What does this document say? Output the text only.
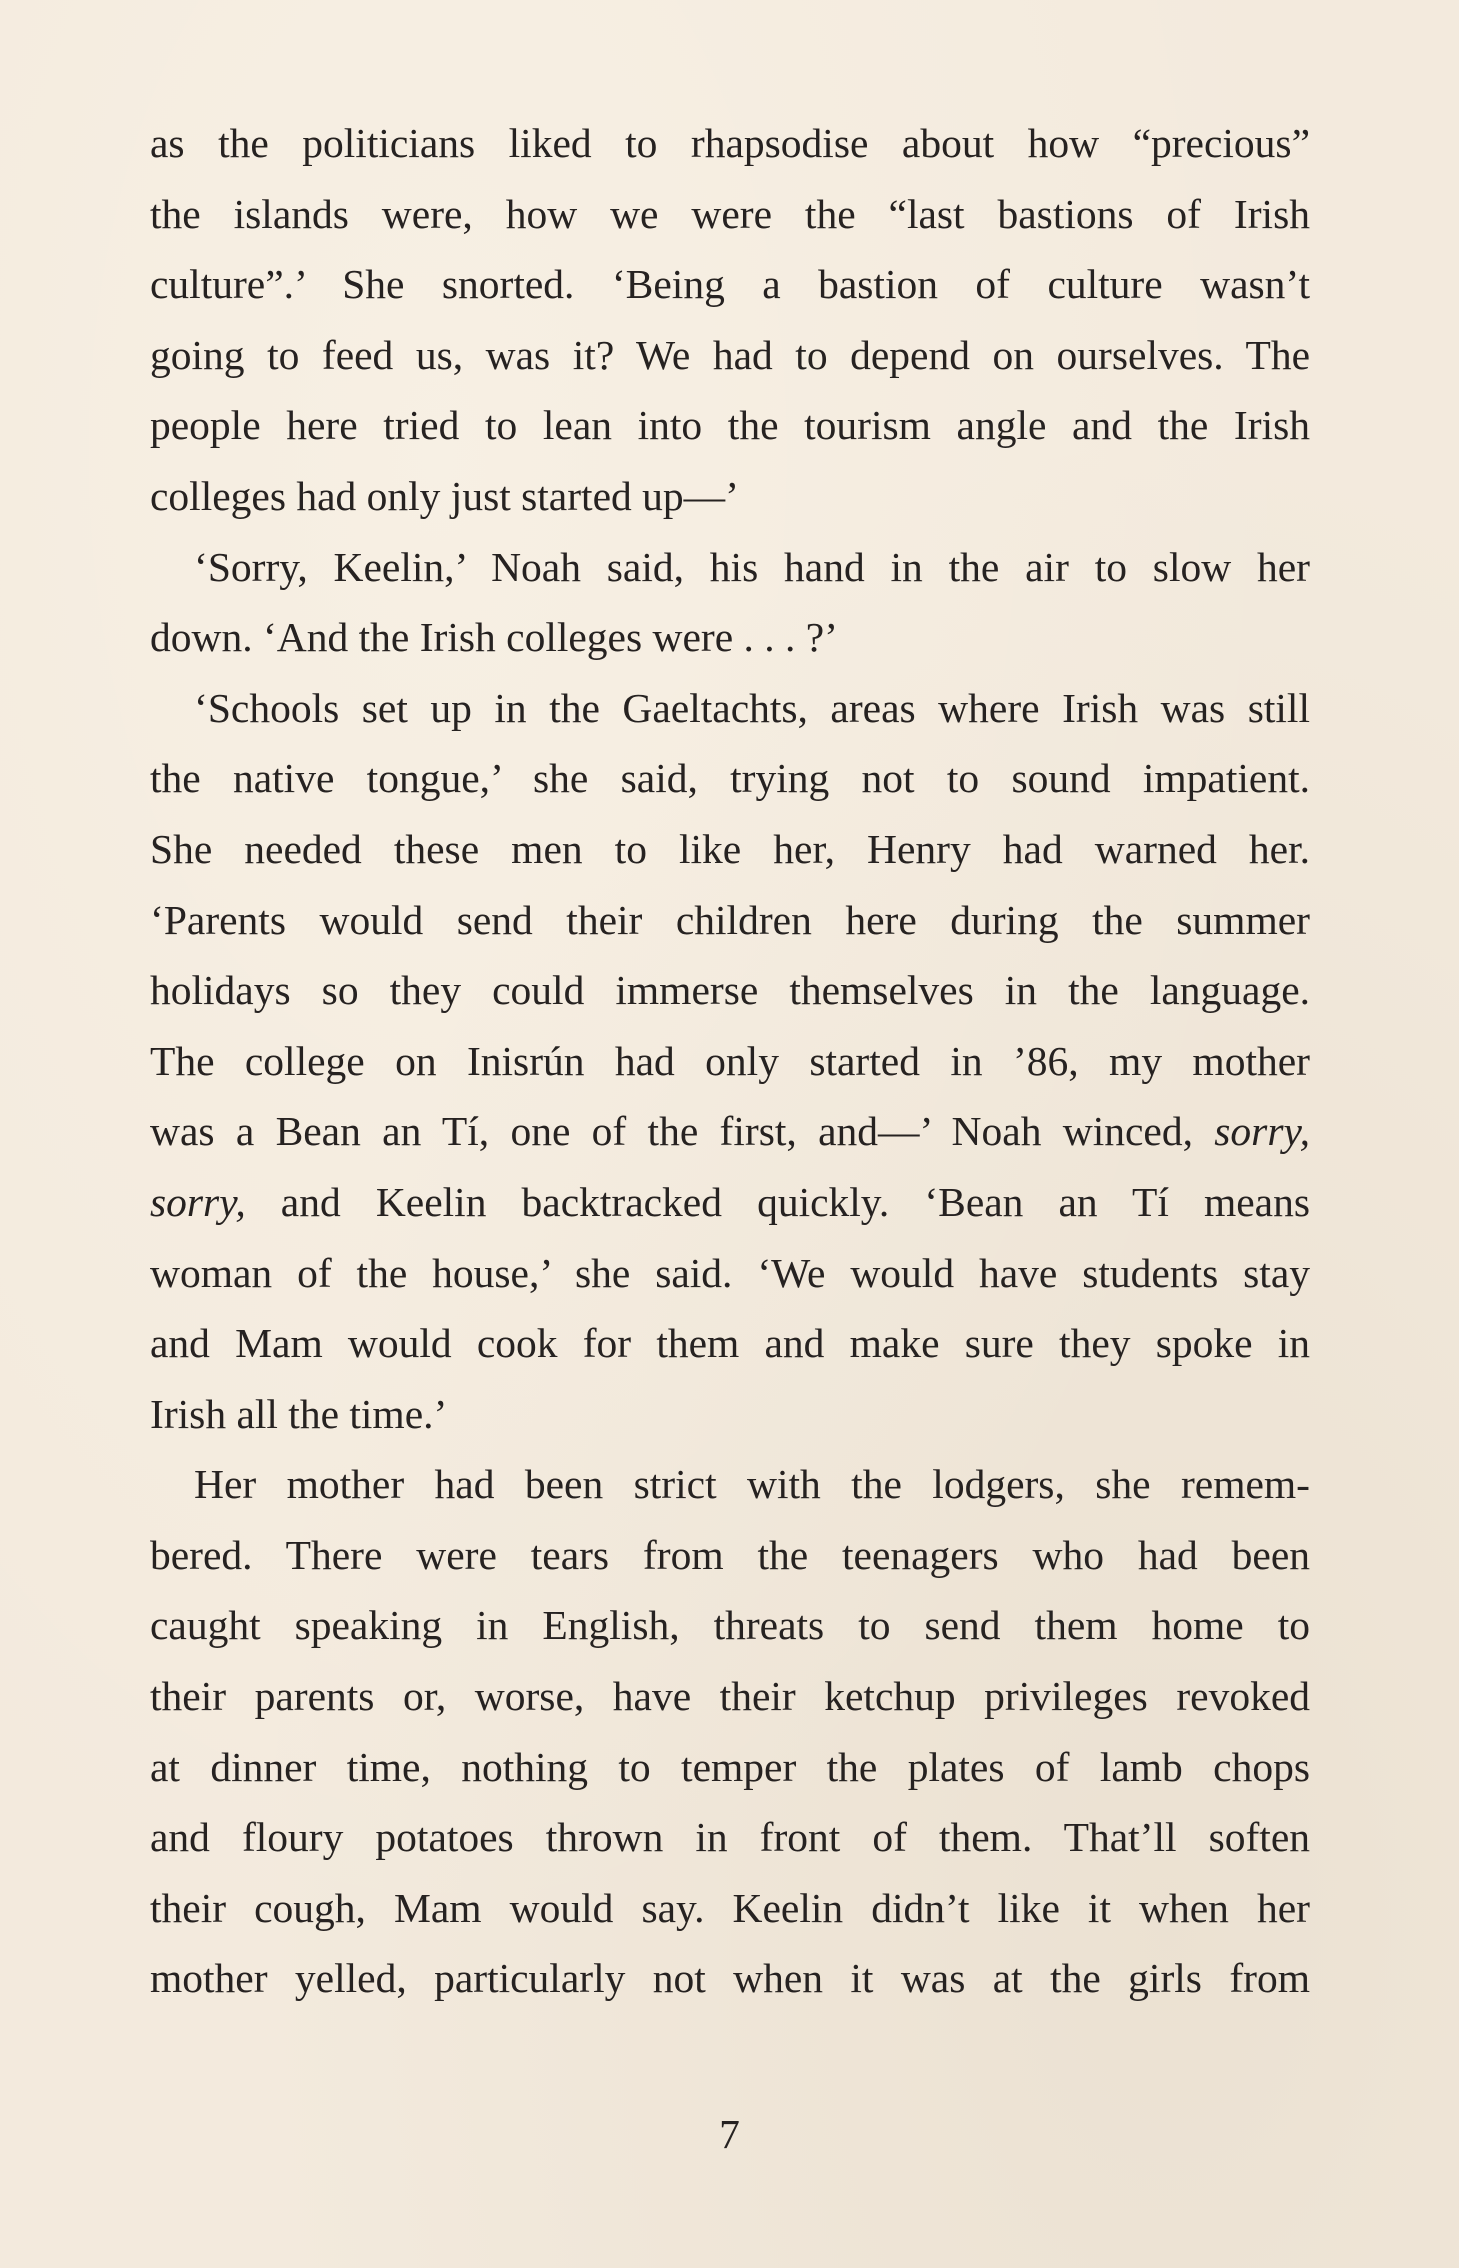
as the politicians liked to rhapsodise about how “precious”
the islands were, how we were the “last bastions of Irish
culture”.’ She snorted. ‘Being a bastion of culture wasn’t
going to feed us, was it? We had to depend on ourselves. The
people here tried to lean into the tourism angle and the Irish
colleges had only just started up—’
‘Sorry, Keelin,’ Noah said, his hand in the air to slow her
down. ‘And the Irish colleges were . . . ?’
‘Schools set up in the Gaeltachts, areas where Irish was still
the native tongue,’ she said, trying not to sound impatient.
She needed these men to like her, Henry had warned her.
‘Parents would send their children here during the summer
holidays so they could immerse themselves in the language.
The college on Inisrún had only started in ’86, my mother
was a Bean an Tí, one of the first, and—’ Noah winced, sorry,
sorry, and Keelin backtracked quickly. ‘Bean an Tí means
woman of the house,’ she said. ‘We would have students stay
and Mam would cook for them and make sure they spoke in
Irish all the time.’
Her mother had been strict with the lodgers, she remem-
bered. There were tears from the teenagers who had been
caught speaking in English, threats to send them home to
their parents or, worse, have their ketchup privileges revoked
at dinner time, nothing to temper the plates of lamb chops
and floury potatoes thrown in front of them. That’ll soften
their cough, Mam would say. Keelin didn’t like it when her
mother yelled, particularly not when it was at the girls from
7
